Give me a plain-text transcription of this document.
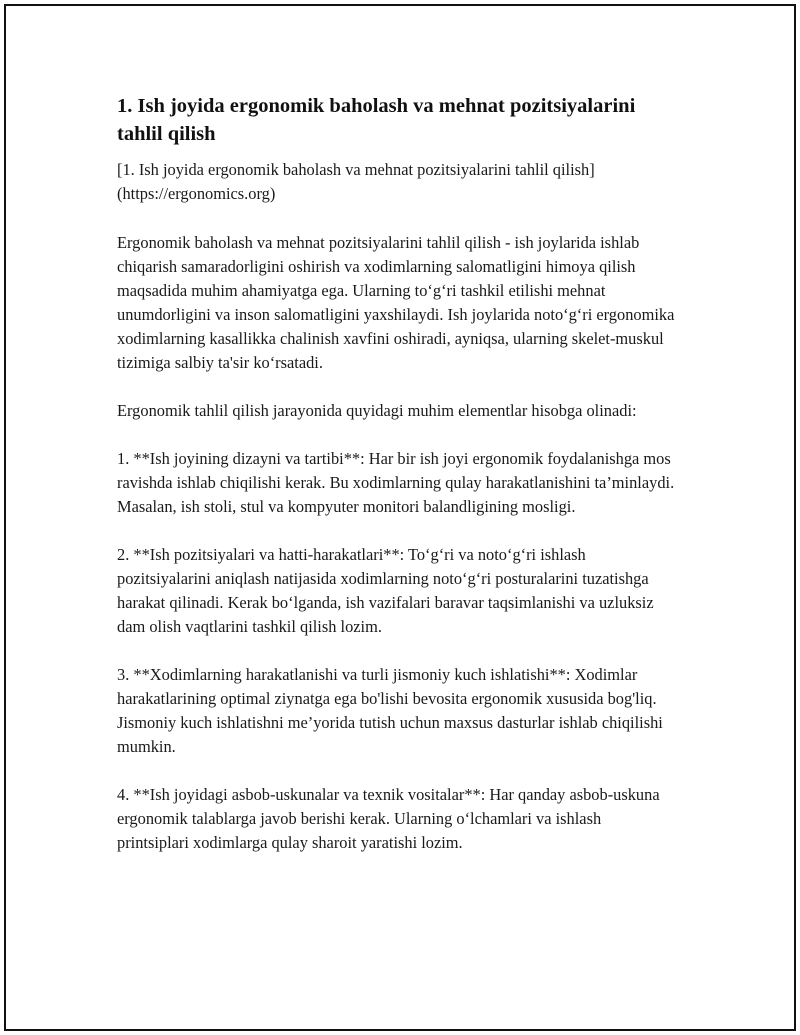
1. Ish joyida ergonomik baholash va mehnat pozitsiyalarini tahlil qilish

[1. Ish joyida ergonomik baholash va mehnat pozitsiyalarini tahlil qilish](https://ergonomics.org)

Ergonomik baholash va mehnat pozitsiyalarini tahlil qilish - ish joylarida ishlab chiqarish samaradorligini oshirish va xodimlarning salomatligini himoya qilish maqsadida muhim ahamiyatga ega. Ularning to‘g‘ri tashkil etilishi mehnat unumdorligini va inson salomatligini yaxshilaydi. Ish joylarida noto‘g‘ri ergonomika xodimlarning kasallikka chalinish xavfini oshiradi, ayniqsa, ularning skelet-muskul tizimiga salbiy ta'sir ko‘rsatadi.

Ergonomik tahlil qilish jarayonida quyidagi muhim elementlar hisobga olinadi:

1. **Ish joyining dizayni va tartibi**: Har bir ish joyi ergonomik foydalanishga mos ravishda ishlab chiqilishi kerak. Bu xodimlarning qulay harakatlanishini ta’minlaydi. Masalan, ish stoli, stul va kompyuter monitori balandligining mosligi.

2. **Ish pozitsiyalari va hatti-harakatlari**: To‘g‘ri va noto‘g‘ri ishlash pozitsiyalarini aniqlash natijasida xodimlarning noto‘g‘ri posturalarini tuzatishga harakat qilinadi. Kerak bo‘lganda, ish vazifalari baravar taqsimlanishi va uzluksiz dam olish vaqtlarini tashkil qilish lozim.

3. **Xodimlarning harakatlanishi va turli jismoniy kuch ishlatishi**: Xodimlar harakatlarining optimal ziynatga ega bo'lishi bevosita ergonomik xususida bog'liq. Jismoniy kuch ishlatishni me’yorida tutish uchun maxsus dasturlar ishlab chiqilishi mumkin.

4. **Ish joyidagi asbob-uskunalar va texnik vositalar**: Har qanday asbob-uskuna ergonomik talablarga javob berishi kerak. Ularning o‘lchamlari va ishlash printsiplari xodimlarga qulay sharoit yaratishi lozim.
